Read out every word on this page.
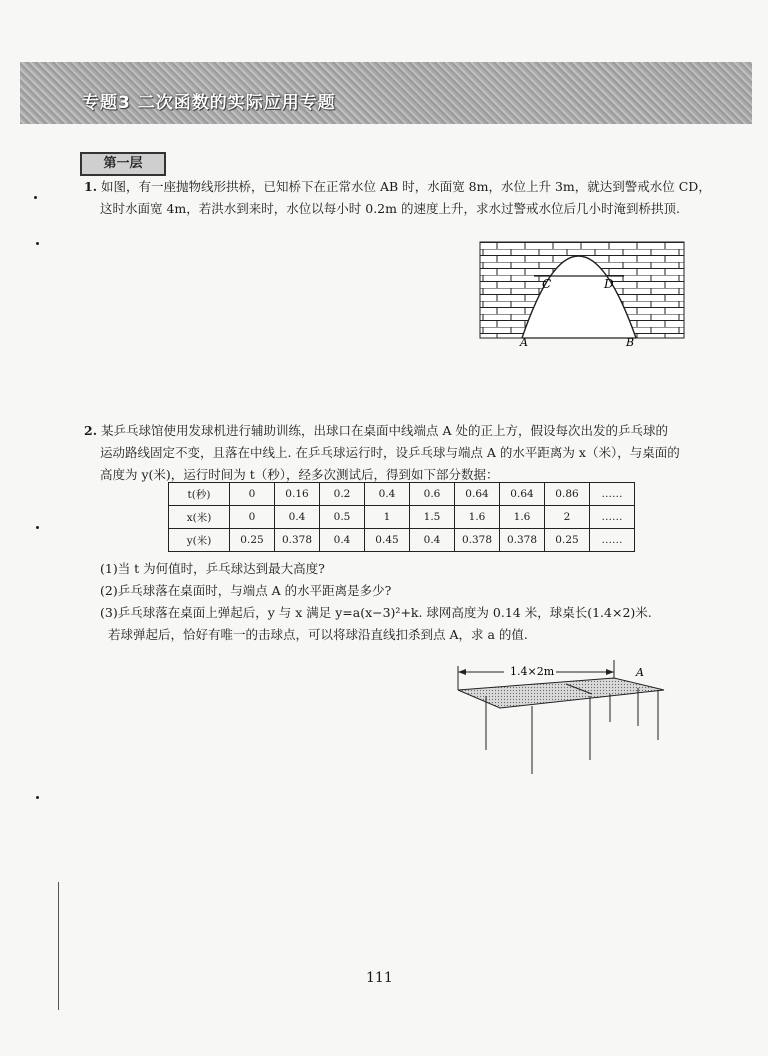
专题3 二次函数的实际应用专题
第一层
1. 如图，有一座抛物线形拱桥，已知桥下在正常水位 AB 时，水面宽 8m，水位上升 3m，就达到警戒水位 CD，
这时水面宽 4m，若洪水到来时，水位以每小时 0.2m 的速度上升，求水过警戒水位后几小时淹到桥拱顶.
C	D
A	B
2. 某乒乓球馆使用发球机进行辅助训练，出球口在桌面中线端点 A 处的正上方，假设每次出发的乒乓球的
运动路线固定不变，且落在中线上. 在乒乓球运行时，设乒乓球与端点 A 的水平距离为 x（米），与桌面的
高度为 y(米)，运行时间为 t（秒），经多次测试后，得到如下部分数据：
t(秒)	0	0.16	0.2	0.4	0.6	0.64	0.64	0.86	……
x(米)	0	0.4	0.5	1	1.5	1.6	1.6	2	……
y(米)	0.25	0.378	0.4	0.45	0.4	0.378	0.378	0.25	……
(1)当 t 为何值时，乒乓球达到最大高度?
(2)乒乓球落在桌面时，与端点 A 的水平距离是多少?
(3)乒乓球落在桌面上弹起后，y 与 x 满足 y=a(x−3)²+k. 球网高度为 0.14 米，球桌长(1.4×2)米.
若球弹起后，恰好有唯一的击球点，可以将球沿直线扣杀到点 A，求 a 的值.
1.4×2m	A
111
